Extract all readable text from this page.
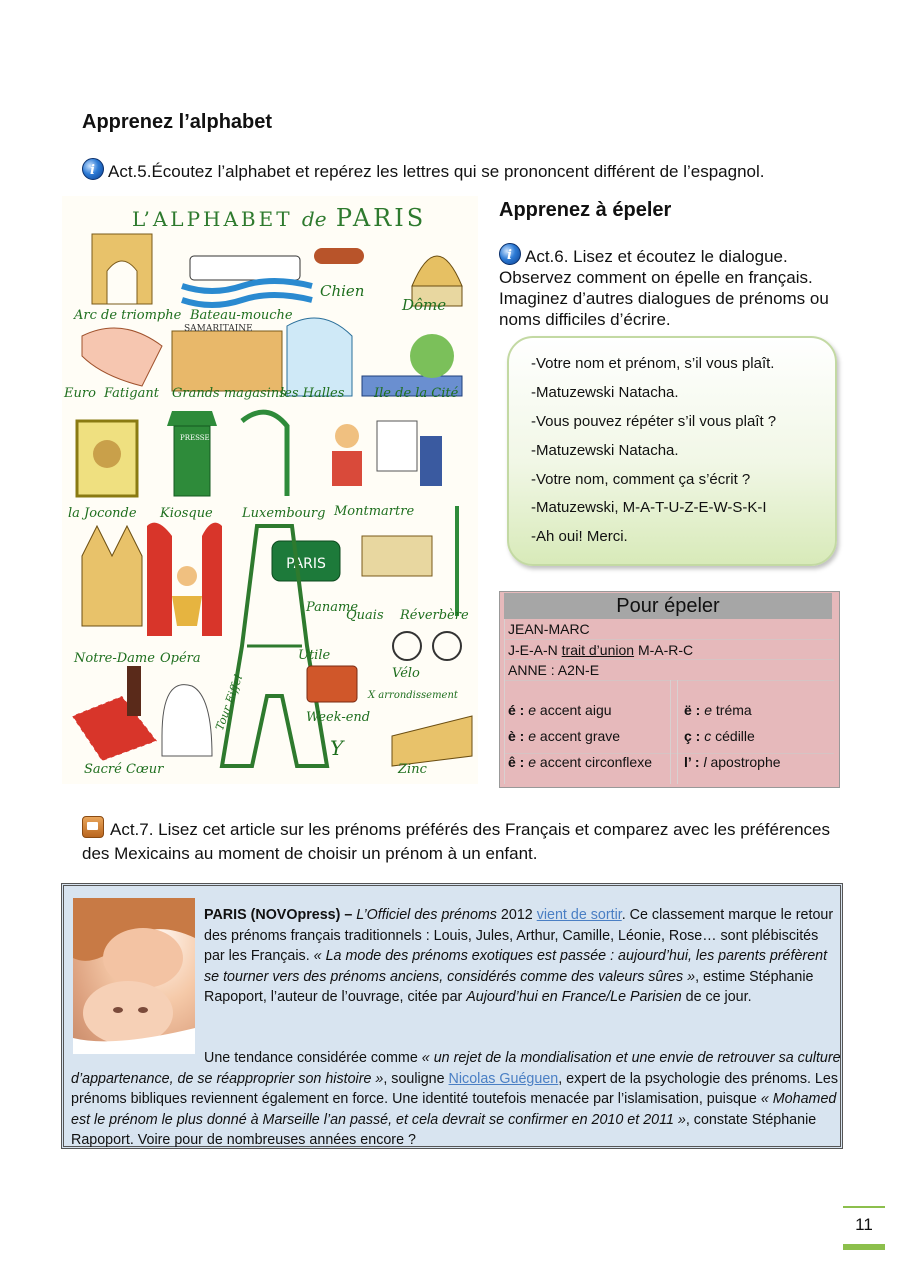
Apprenez l’alphabet
iAct.5.Écoutez l’alphabet et repérez les lettres qui se prononcent différent de l’espagnol.
PARIS
L’ALPHABET de PARIS
Arc de triomphe Bateau-mouche
Chien
Dôme
SAMARITAINE
Euro Fatigant Grands magasins
les Halles Ile de la Cité
la Joconde Kiosque Luxembourg Montmartre
Notre-Dame Opéra
Paname
Quais Réverbère
Sacré Cœur
Tour Eiffel
Utile
Vélo
Week-end
X arrondissement
Y
Zinc
PRESSE
Apprenez à épeler
iAct.6. Lisez et écoutez le dialogue. Observez comment on épelle en français. Imaginez d’autres dialogues de prénoms ou noms difficiles d’écrire.
-Votre nom et prénom, s’il vous plaît.
-Matuzewski Natacha.
-Vous pouvez répéter s’il vous plaît ?
-Matuzewski Natacha.
-Votre nom, comment ça s’écrit ?
-Matuzewski, M-A-T-U-Z-E-W-S-K-I
-Ah oui! Merci.
Pour épeler
JEAN-MARC
J-E-A-N trait d’union M-A-R-C
ANNE : A2N-E
é : e accent aigu
è : e accent grave
ê : e accent circonflexe
ë : e tréma
ç : c cédille
l’ : l apostrophe
Act.7. Lisez cet article sur les prénoms préférés des Français et comparez avec les préférences des Mexicains au moment de choisir un prénom à un enfant.
PARIS (NOVOpress) – L’Officiel des prénoms 2012 vient de sortir. Ce classement marque le retour des prénoms français traditionnels : Louis, Jules, Arthur, Camille, Léonie, Rose… sont plébiscités par les Français. « La mode des prénoms exotiques est passée : aujourd’hui, les parents préfèrent se tourner vers des prénoms anciens, considérés comme des valeurs sûres », estime Stéphanie Rapoport, l’auteur de l’ouvrage, citée par Aujourd’hui en France/Le Parisien de ce jour.
Une tendance considérée comme « un rejet de la mondialisation et une envie de retrouver sa culture d’appartenance, de se réapproprier son histoire », souligne Nicolas Guéguen, expert de la psychologie des prénoms. Les prénoms bibliques reviennent également en force. Une identité toutefois menacée par l’islamisation, puisque « Mohamed est le prénom le plus donné à Marseille l’an passé, et cela devrait se confirmer en 2010 et 2011 », constate Stéphanie Rapoport. Voire pour de nombreuses années encore ?
11
